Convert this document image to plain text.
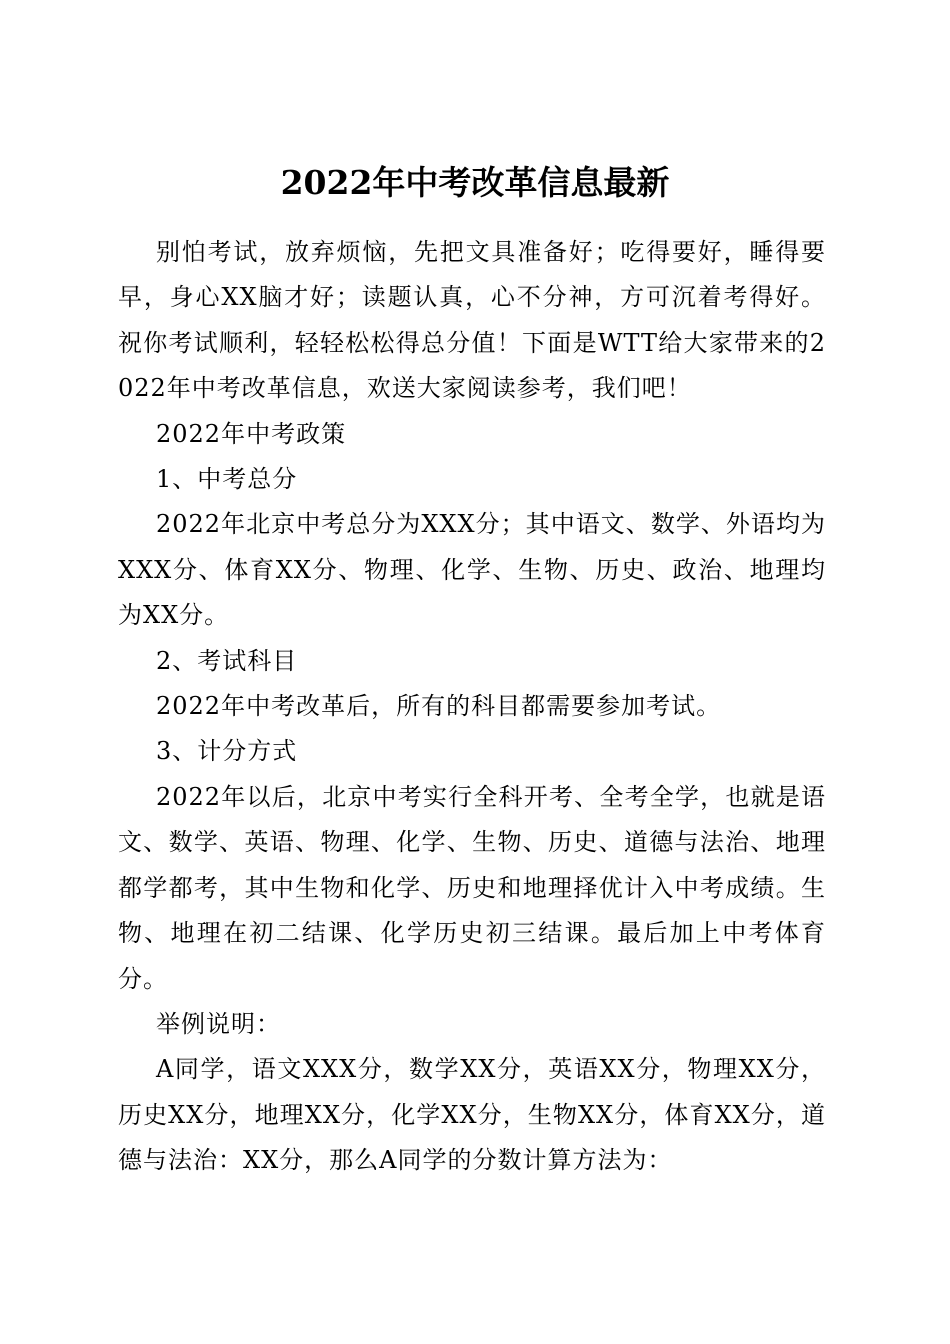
2022年中考改革信息最新

别怕考试，放弃烦恼，先把文具准备好；吃得要好，睡得要早，身心XX脑才好；读题认真，心不分神，方可沉着考得好。祝你考试顺利，轻轻松松得总分值！下面是WTT给大家带来的2022年中考改革信息，欢送大家阅读参考，我们吧！

2022年中考政策

1、中考总分

2022年北京中考总分为XXX分；其中语文、数学、外语均为XXX分、体育XX分、物理、化学、生物、历史、政治、地理均为XX分。

2、考试科目

2022年中考改革后，所有的科目都需要参加考试。

3、计分方式

2022年以后，北京中考实行全科开考、全考全学，也就是语文、数学、英语、物理、化学、生物、历史、道德与法治、地理都学都考，其中生物和化学、历史和地理择优计入中考成绩。生物、地理在初二结课、化学历史初三结课。最后加上中考体育分。

举例说明：

A同学，语文XXX分，数学XX分，英语XX分，物理XX分，历史XX分，地理XX分，化学XX分，生物XX分，体育XX分，道德与法治：XX分，那么A同学的分数计算方法为：
